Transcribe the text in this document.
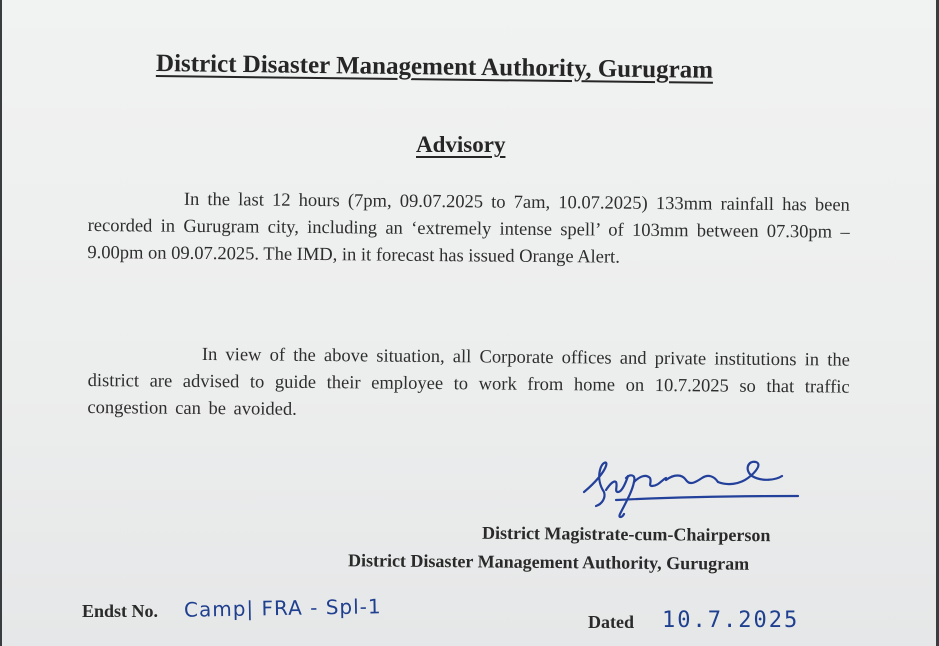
District Disaster Management Authority, Gurugram
Advisory

In the last 12 hours (7pm, 09.07.2025 to 7am, 10.07.2025) 133mm rainfall has been recorded in Gurugram city, including an ‘extremely intense spell’ of 103mm between 07.30pm – 9.00pm on 09.07.2025. The IMD, in it forecast has issued Orange Alert.

In view of the above situation, all Corporate offices and private institutions in the district are advised to guide their employee to work from home on 10.7.2025 so that traffic congestion can be avoided.

District Magistrate-cum-Chairperson

District Disaster Management Authority, Gurugram

Endst No. Camp| FRA - Spl-1

Dated 10.7.2025
